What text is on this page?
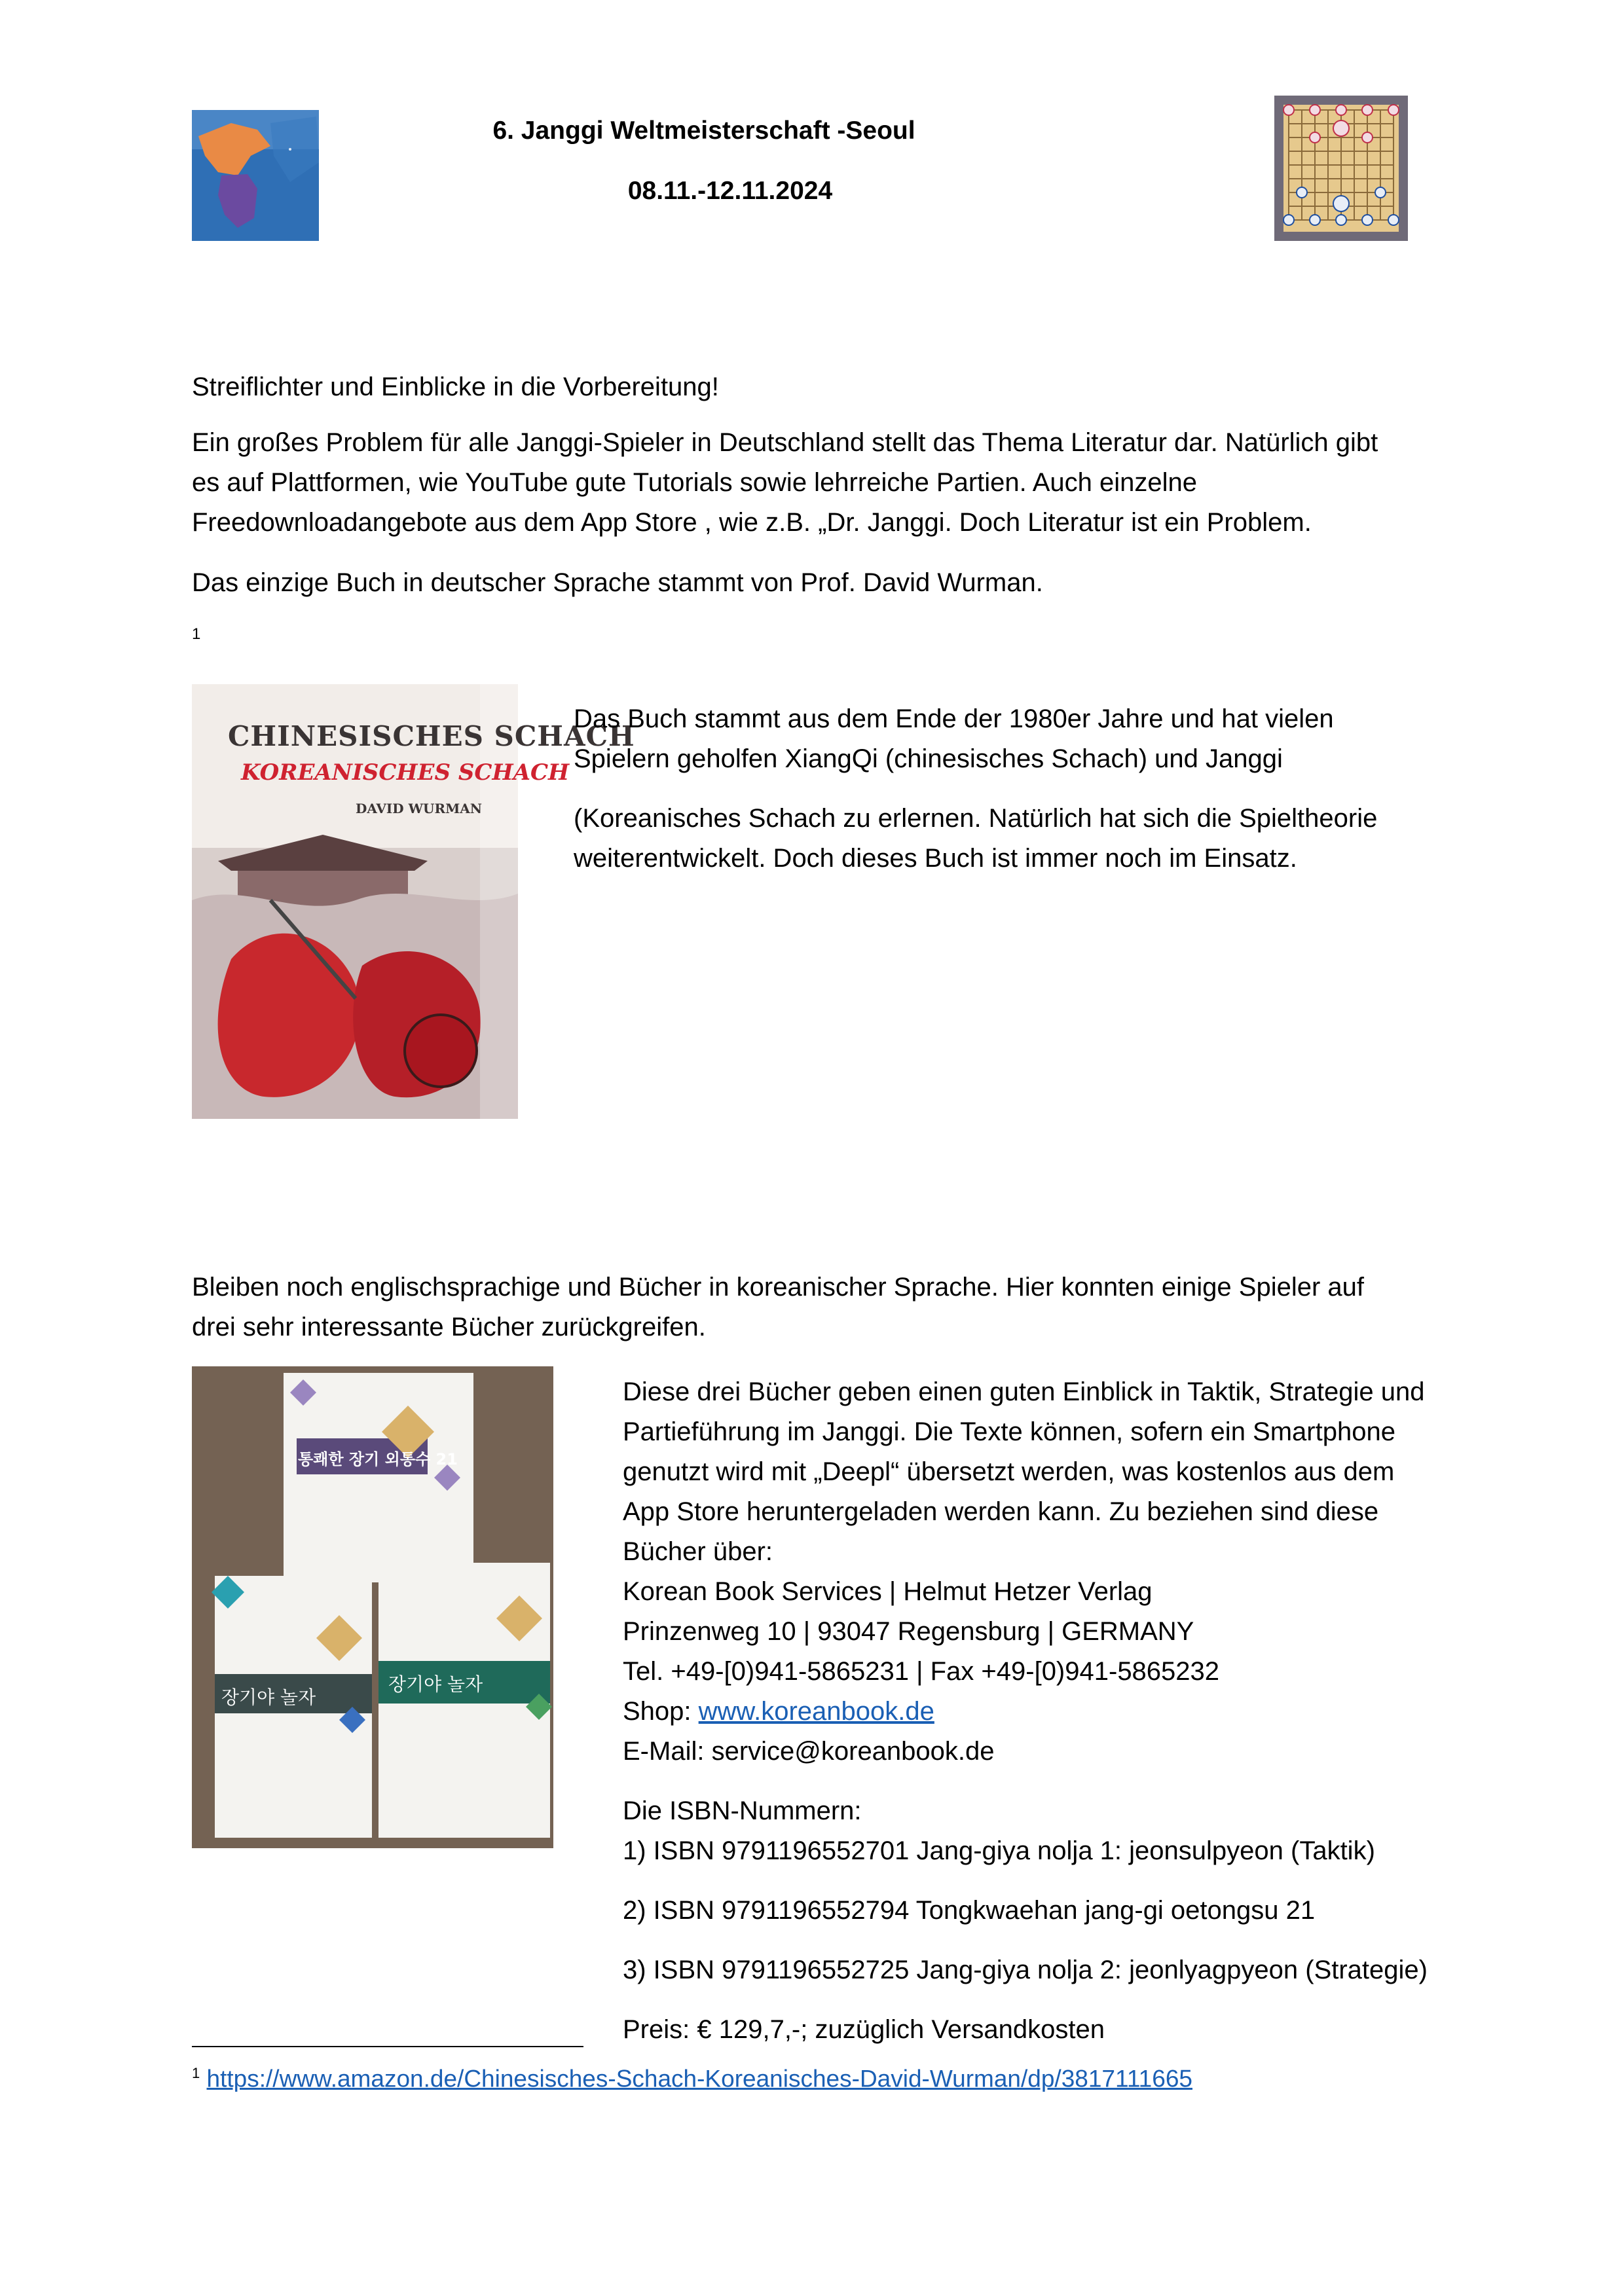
6. Janggi Weltmeisterschaft -Seoul
08.11.-12.11.2024

Streiflichter und Einblicke in die Vorbereitung!

Ein großes Problem für alle Janggi-Spieler in Deutschland stellt das Thema Literatur dar. Natürlich gibt

es auf Plattformen, wie YouTube gute Tutorials sowie lehrreiche Partien. Auch einzelne

Freedownloadangebote aus dem App Store , wie z.B. „Dr. Janggi. Doch Literatur ist ein Problem.

Das einzige Buch in deutscher Sprache stammt von Prof. David Wurman.

1
CHINESISCHES SCHACH
KOREANISCHES SCHACH
DAVID WURMAN

Das Buch stammt aus dem Ende der 1980er Jahre und hat vielen

Spielern geholfen XiangQi (chinesisches Schach) und Janggi

(Koreanisches Schach zu erlernen. Natürlich hat sich die Spieltheorie

weiterentwickelt. Doch dieses Buch ist immer noch im Einsatz.

Bleiben noch englischsprachige und Bücher in koreanischer Sprache. Hier konnten einige Spieler auf

drei sehr interessante Bücher zurückgreifen.

통쾌한 장기 외통수 21
장기야 놀자
장기야 놀자

Diese drei Bücher geben einen guten Einblick in Taktik, Strategie und

Partieführung im Janggi. Die Texte können, sofern ein Smartphone

genutzt wird mit „Deepl“ übersetzt werden, was kostenlos aus dem

App Store heruntergeladen werden kann. Zu beziehen sind diese

Bücher über:

Korean Book Services | Helmut Hetzer Verlag

Prinzenweg 10 | 93047 Regensburg | GERMANY

Tel. +49-[0)941-5865231 | Fax +49-[0)941-5865232

Shop: www.koreanbook.de

E-Mail: service@koreanbook.de

Die ISBN-Nummern:

1) ISBN 9791196552701 Jang-giya nolja 1: jeonsulpyeon (Taktik)

2) ISBN 9791196552794 Tongkwaehan jang-gi oetongsu 21

3) ISBN 9791196552725 Jang-giya nolja 2: jeonlyagpyeon (Strategie)

Preis: € 129,7,-; zuzüglich Versandkosten

$^1$ https://www.amazon.de/Chinesisches-Schach-Koreanisches-David-Wurman/dp/3817111665
